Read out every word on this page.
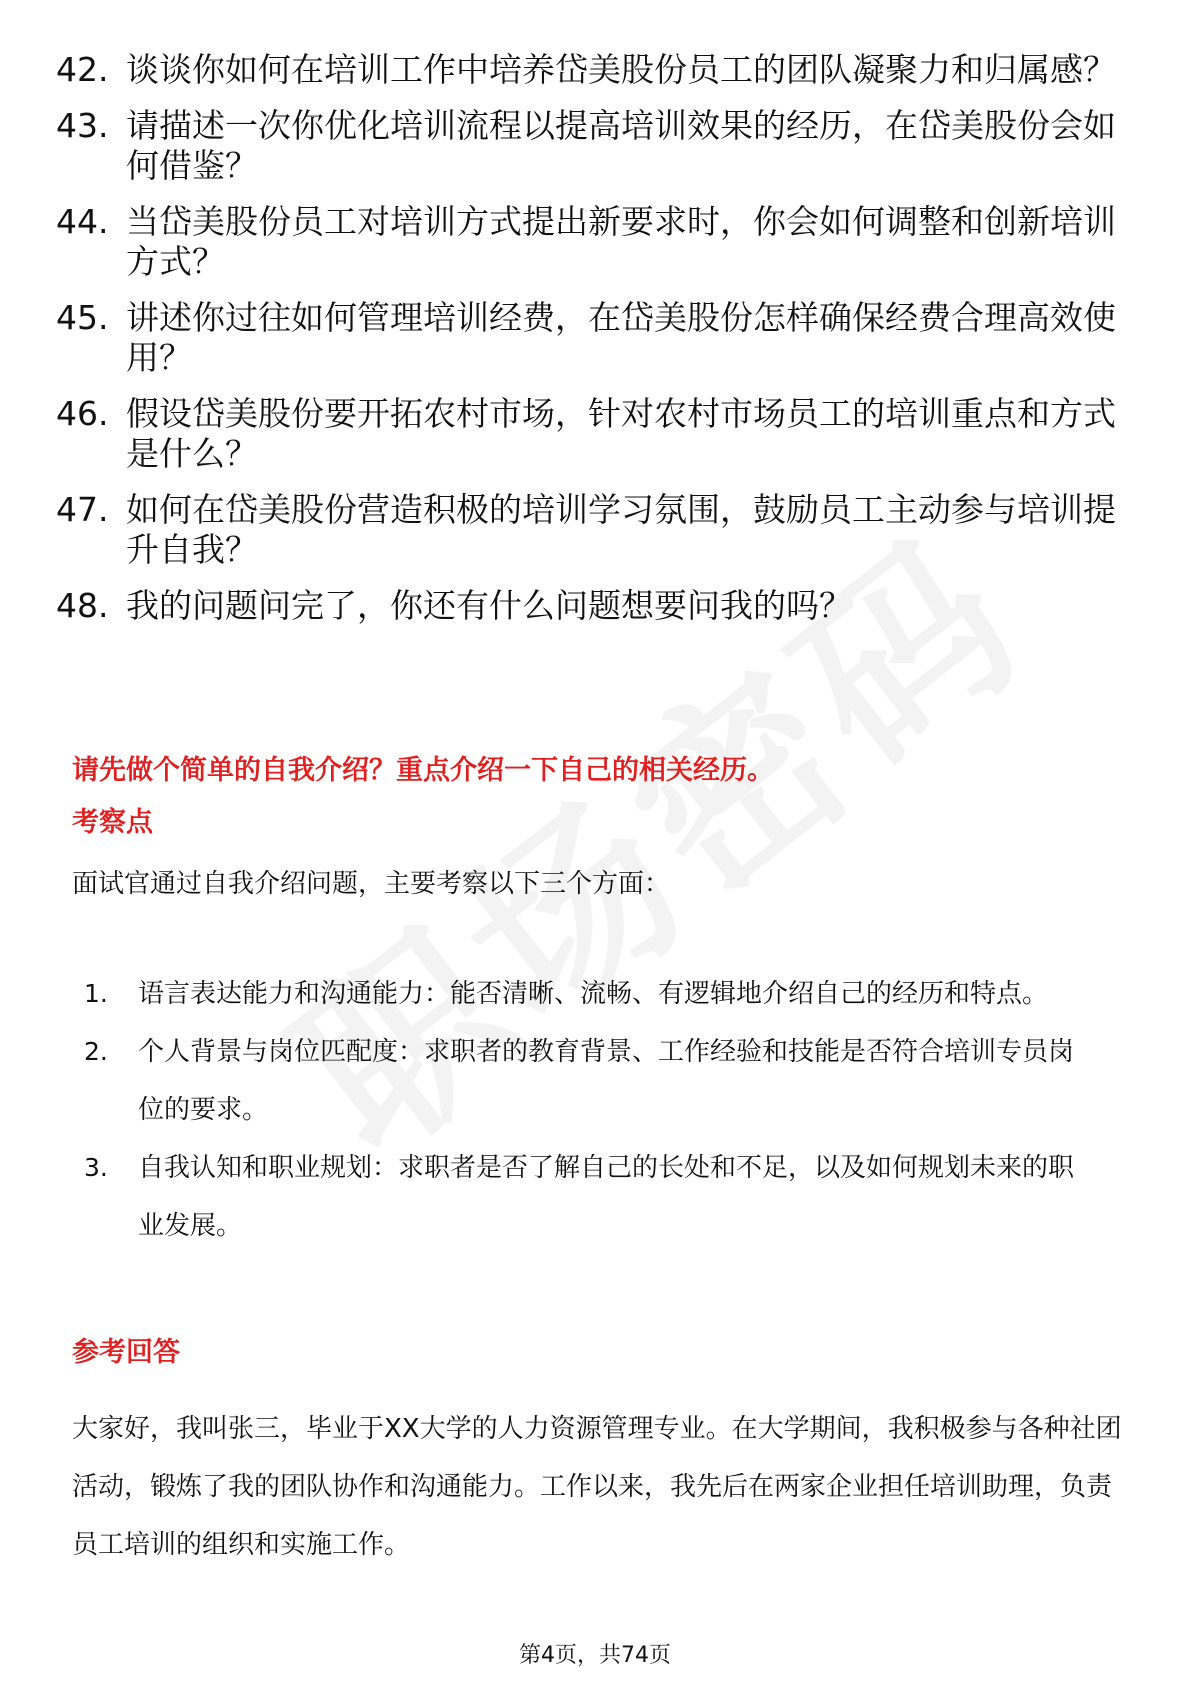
42. 谈谈你如何在培训工作中培养岱美股份员工的团队凝聚力和归属感？
43. 请描述一次你优化培训流程以提高培训效果的经历，在岱美股份会如何借鉴？
44. 当岱美股份员工对培训方式提出新要求时，你会如何调整和创新培训方式？
45. 讲述你过往如何管理培训经费，在岱美股份怎样确保经费合理高效使用？
46. 假设岱美股份要开拓农村市场，针对农村市场员工的培训重点和方式是什么？
47. 如何在岱美股份营造积极的培训学习氛围，鼓励员工主动参与培训提升自我？
48. 我的问题问完了，你还有什么问题想要问我的吗？
请先做个简单的自我介绍？重点介绍一下自己的相关经历。
考察点
面试官通过自我介绍问题，主要考察以下三个方面：
1.	语言表达能力和沟通能力：能否清晰、流畅、有逻辑地介绍自己的经历和特点。
2.	个人背景与岗位匹配度：求职者的教育背景、工作经验和技能是否符合培训专员岗位的要求。
3.	自我认知和职业规划：求职者是否了解自己的长处和不足，以及如何规划未来的职业发展。
参考回答
大家好，我叫张三，毕业于XX大学的人力资源管理专业。在大学期间，我积极参与各种社团活动，锻炼了我的团队协作和沟通能力。工作以来，我先后在两家企业担任培训助理，负责员工培训的组织和实施工作。
第4页，共74页
